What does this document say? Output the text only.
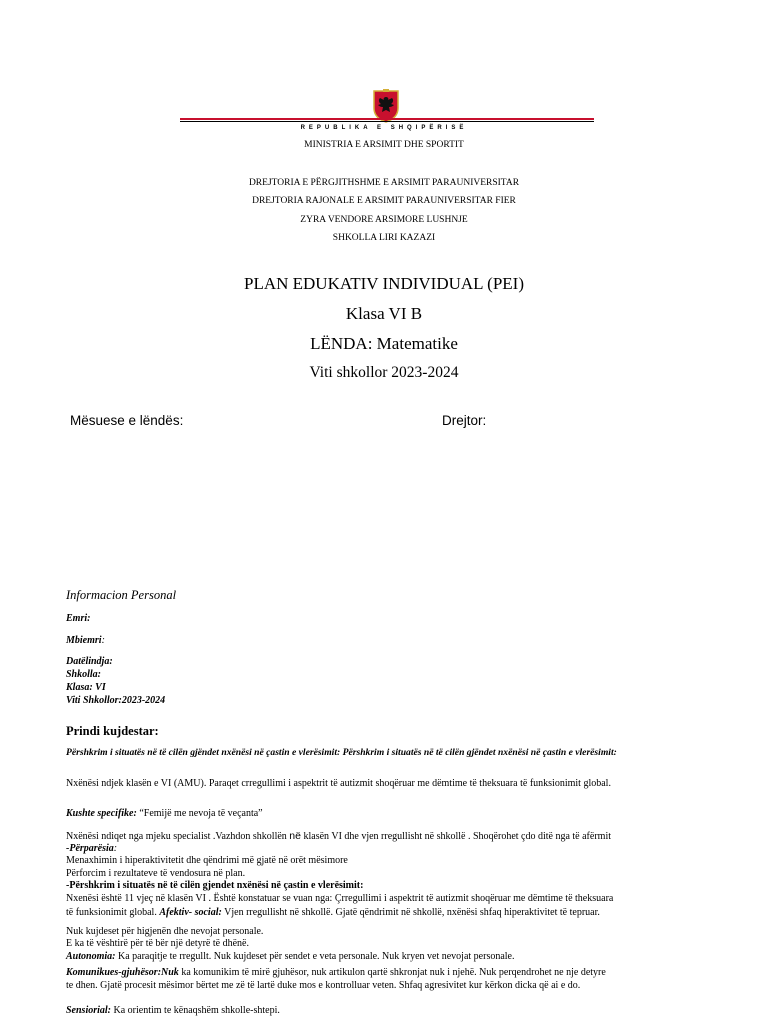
REPUBLIKA E SHQIPËRISË
MINISTRIA E ARSIMIT DHE SPORTIT
DREJTORIA E PËRGJITHSHME E ARSIMIT PARAUNIVERSITAR
DREJTORIA RAJONALE E ARSIMIT PARAUNIVERSITAR FIER
ZYRA VENDORE ARSIMORE LUSHNJE
SHKOLLA LIRI KAZAZI
PLAN EDUKATIV INDIVIDUAL (PEI)
Klasa VI B
LËNDA: Matematike
Viti shkollor 2023-2024
Mësuese e lëndës:	Drejtor:
Informacion Personal
Emri:
Mbiemri:
Datëlindja:
Shkolla:
Klasa: VI
Viti Shkollor:2023-2024
Prindi kujdestar:
Përshkrim i situatës në të cilën gjëndet nxënësi në çastin e vlerësimit: Përshkrim i situatës në të cilën gjëndet nxënësi në çastin e vlerësimit:
Nxënësi ndjek klasën e VI (AMU). Paraqet crregullimi i aspektrit të autizmit shoqëruar me dëmtime të theksuara të funksionimit global.
Kushte specifike: “Femijë me nevoja të veçanta”
Nxënësi ndiqet nga mjeku specialist .Vazhdon shkollën në klasën VI dhe vjen rregullisht në shkollë . Shoqërohet çdo ditë nga të afërmit
-Përparësia:
Menaxhimin i hiperaktivitetit dhe qëndrimi më gjatë në orët mësimore
Përforcim i rezultateve të vendosura në plan.
-Përshkrim i situatës në të cilën gjendet nxënësi në çastin e vlerësimit:
Nxenësi është 11 vjeç në klasën VI . Është konstatuar se vuan nga: Çrregullimi i aspektrit të autizmit shoqëruar me dëmtime të theksuara
të funksionimit global. Afektiv- social: Vjen rregullisht në shkollë. Gjatë qëndrimit në shkollë, nxënësi shfaq hiperaktivitet të tepruar.
Nuk kujdeset për higjenën dhe nevojat personale.
E ka të vështirë për të bër një detyrë të dhënë.
Autonomia: Ka paraqitje te rregullt. Nuk kujdeset për sendet e veta personale. Nuk kryen vet nevojat personale.
Komunikues-gjuhësor:Nuk ka komunikim të mirë gjuhësor, nuk artikulon qartë shkronjat nuk i njehë. Nuk perqendrohet ne nje detyre
te dhen. Gjatë procesit mësimor bërtet me zë të lartë duke mos e kontrolluar veten. Shfaq agresivitet kur kërkon dicka që ai e do.
Sensiorial: Ka orientim te kënaqshëm shkolle-shtepi.
